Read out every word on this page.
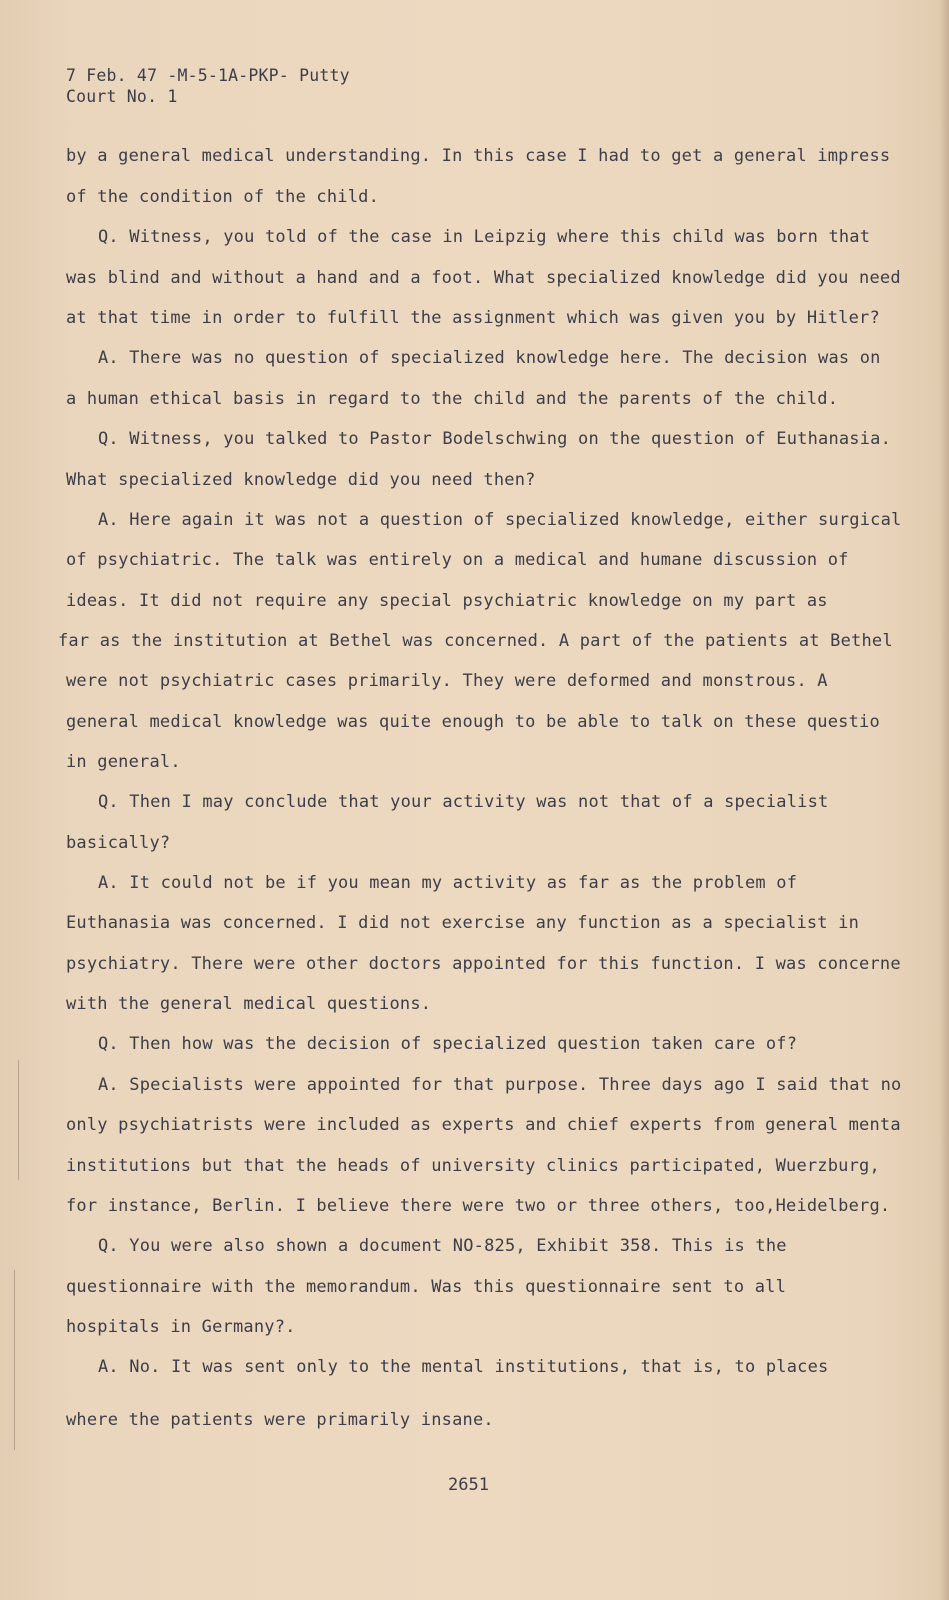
7 Feb. 47 -M-5-1A-PKP- Putty
Court No. 1
by a general medical understanding. In this case I had to get a general impress
of the condition of the child.
Q. Witness, you told of the case in Leipzig where this child was born that
was blind and without a hand and a foot. What specialized knowledge did you need
at that time in order to fulfill the assignment which was given you by Hitler?
A. There was no question of specialized knowledge here. The decision was on
a human ethical basis in regard to the child and the parents of the child.
Q. Witness, you talked to Pastor Bodelschwing on the question of Euthanasia.
What specialized knowledge did you need then?
A. Here again it was not a question of specialized knowledge, either surgical
of psychiatric. The talk was entirely on a medical and humane discussion of
ideas. It did not require any special psychiatric knowledge on my part as
far as the institution at Bethel was concerned. A part of the patients at Bethel
were not psychiatric cases primarily. They were deformed and monstrous. A
general medical knowledge was quite enough to be able to talk on these questio
in general.
Q. Then I may conclude that your activity was not that of a specialist
basically?
A. It could not be if you mean my activity as far as the problem of
Euthanasia was concerned. I did not exercise any function as a specialist in
psychiatry. There were other doctors appointed for this function. I was concerne
with the general medical questions.
Q. Then how was the decision of specialized question taken care of?
A. Specialists were appointed for that purpose. Three days ago I said that no
only psychiatrists were included as experts and chief experts from general menta
institutions but that the heads of university clinics participated, Wuerzburg,
for instance, Berlin. I believe there were two or three others, too,Heidelberg.
Q. You were also shown a document NO-825, Exhibit 358. This is the
questionnaire with the memorandum. Was this questionnaire sent to all
hospitals in Germany?.
A. No. It was sent only to the mental institutions, that is, to places
where the patients were primarily insane.
2651
